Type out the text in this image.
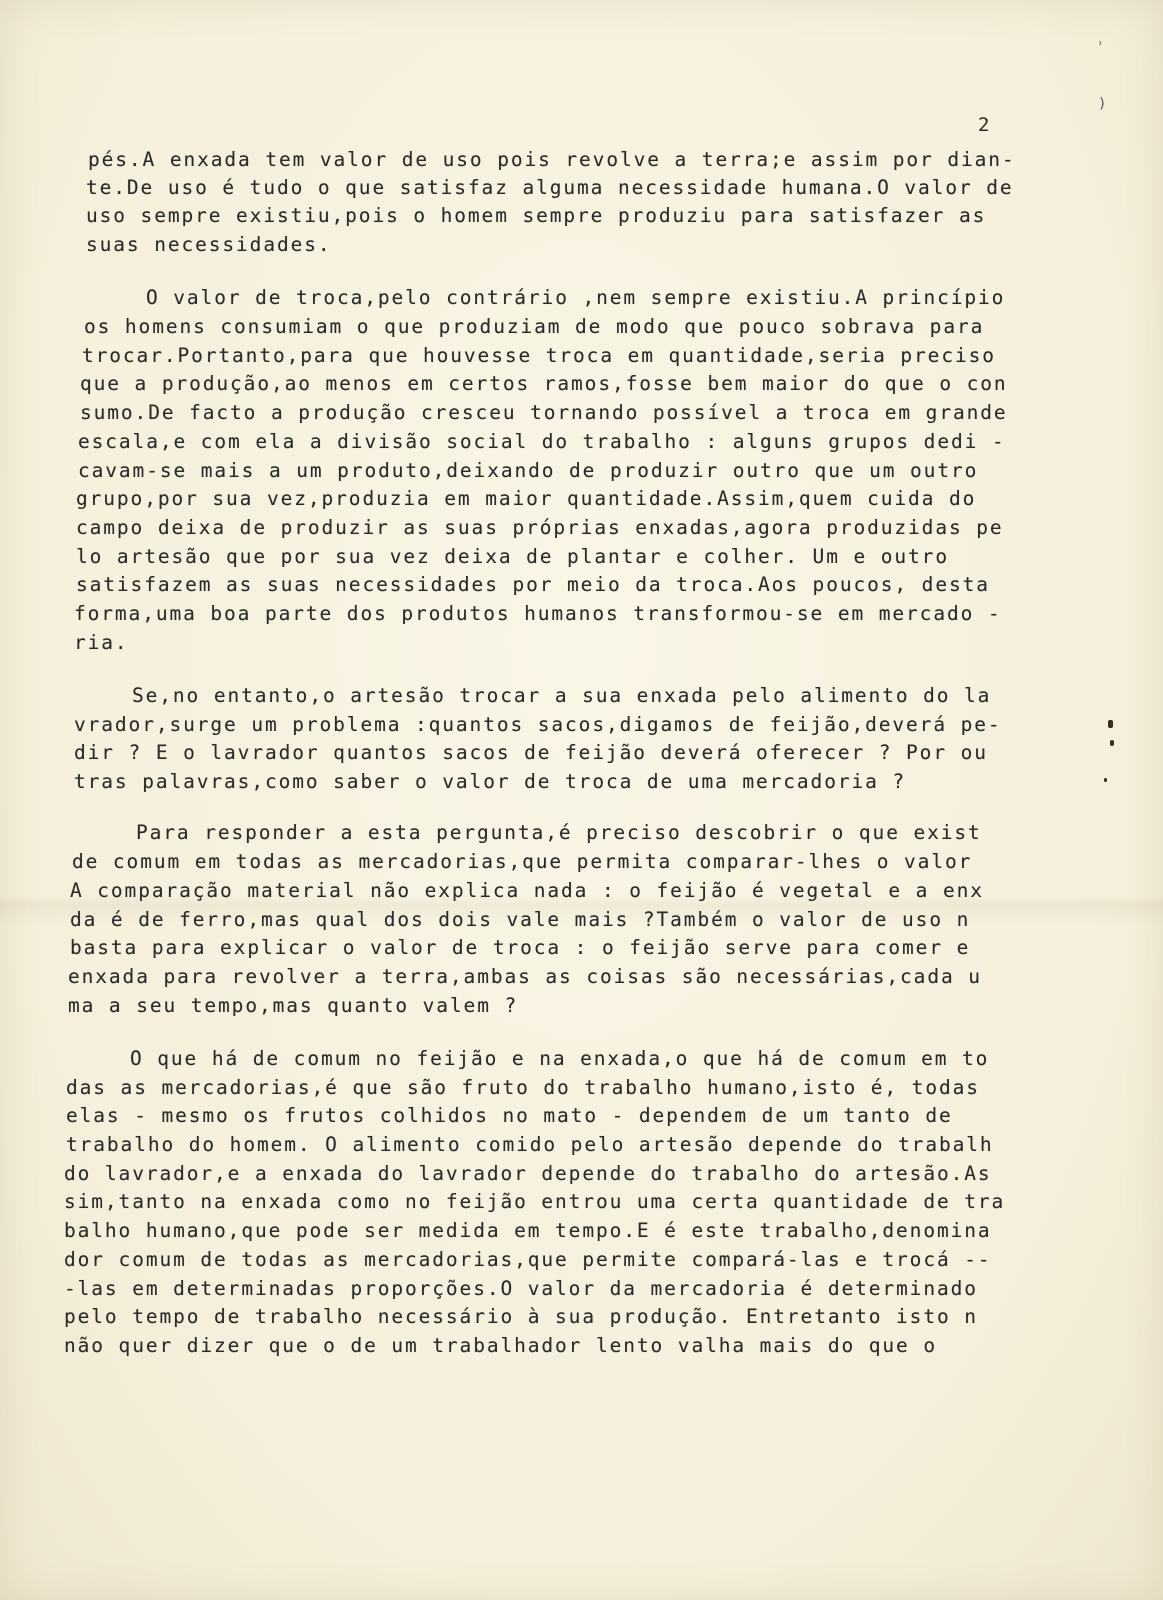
2
pés.A enxada tem valor de uso pois revolve a terra;e assim por dian-
te.De uso é tudo o que satisfaz alguma necessidade humana.O valor de
uso sempre existiu,pois o homem sempre produziu para satisfazer as
suas necessidades.
O valor de troca,pelo contrário ,nem sempre existiu.A princípio
os homens consumiam o que produziam de modo que pouco sobrava para
trocar.Portanto,para que houvesse troca em quantidade,seria preciso
que a produção,ao menos em certos ramos,fosse bem maior do que o con
sumo.De facto a produção cresceu tornando possível a troca em grande
escala,e com ela a divisão social do trabalho : alguns grupos dedi -
cavam-se mais a um produto,deixando de produzir outro que um outro
grupo,por sua vez,produzia em maior quantidade.Assim,quem cuida do
campo deixa de produzir as suas próprias enxadas,agora produzidas pe
lo artesão que por sua vez deixa de plantar e colher. Um e outro
satisfazem as suas necessidades por meio da troca.Aos poucos, desta
forma,uma boa parte dos produtos humanos transformou-se em mercado -
ria.
Se,no entanto,o artesão trocar a sua enxada pelo alimento do la
vrador,surge um problema :quantos sacos,digamos de feijão,deverá pe-
dir ? E o lavrador quantos sacos de feijão deverá oferecer ? Por ou
tras palavras,como saber o valor de troca de uma mercadoria ?
Para responder a esta pergunta,é preciso descobrir o que exist
de comum em todas as mercadorias,que permita comparar-lhes o valor
A comparação material não explica nada : o feijão é vegetal e a enx
da é de ferro,mas qual dos dois vale mais ?Também o valor de uso n
basta para explicar o valor de troca : o feijão serve para comer e
enxada para revolver a terra,ambas as coisas são necessárias,cada u
ma a seu tempo,mas quanto valem ?
O que há de comum no feijão e na enxada,o que há de comum em to
das as mercadorias,é que são fruto do trabalho humano,isto é, todas
elas - mesmo os frutos colhidos no mato - dependem de um tanto de
trabalho do homem. O alimento comido pelo artesão depende do trabalh
do lavrador,e a enxada do lavrador depende do trabalho do artesão.As
sim,tanto na enxada como no feijão entrou uma certa quantidade de tra
balho humano,que pode ser medida em tempo.E é este trabalho,denomina
dor comum de todas as mercadorias,que permite compará-las e trocá --
-las em determinadas proporções.O valor da mercadoria é determinado
pelo tempo de trabalho necessário à sua produção. Entretanto isto n
não quer dizer que o de um trabalhador lento valha mais do que o
ʾ
)
